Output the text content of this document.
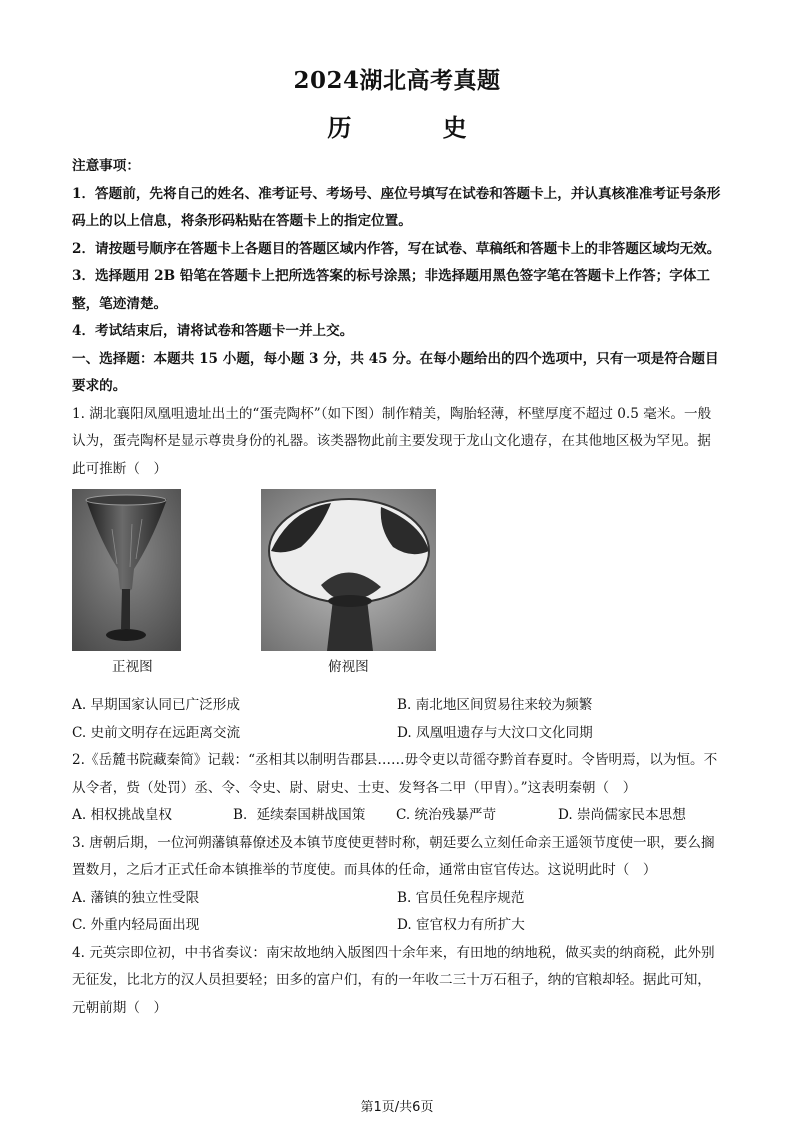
2024湖北高考真题
历　史

注意事项：

1．答题前，先将自己的姓名、准考证号、考场号、座位号填写在试卷和答题卡上，并认真核准准考证号条形码上的以上信息，将条形码粘贴在答题卡上的指定位置。

2．请按题号顺序在答题卡上各题目的答题区域内作答，写在试卷、草稿纸和答题卡上的非答题区域均无效。

3．选择题用 2B 铅笔在答题卡上把所选答案的标号涂黑；非选择题用黑色签字笔在答题卡上作答；字体工整，笔迹清楚。

4．考试结束后，请将试卷和答题卡一并上交。

一、选择题：本题共 15 小题，每小题 3 分，共 45 分。在每小题给出的四个选项中，只有一项是符合题目要求的。

1. 湖北襄阳凤凰咀遗址出土的“蛋壳陶杯”（如下图）制作精美，陶胎轻薄，杯壁厚度不超过 0.5 毫米。一般认为，蛋壳陶杯是显示尊贵身份的礼器。该类器物此前主要发现于龙山文化遗存，在其他地区极为罕见。据此可推断（　）

正视图	俯视图
A. 早期国家认同已广泛形成	B. 南北地区间贸易往来较为频繁
C. 史前文明存在远距离交流	D. 凤凰咀遗存与大汶口文化同期

2.《岳麓书院藏秦简》记载：“丞相其以制明告郡县……毋令吏以苛徭夺黔首春夏时。令皆明焉，以为恒。不从令者，赀（处罚）丞、令、令史、尉、尉史、士吏、发弩各二甲（甲胄）。”这表明秦朝（　）

A. 相权挑战皇权	B．延续秦国耕战国策	C. 统治残暴严苛	D. 崇尚儒家民本思想

3. 唐朝后期，一位河朔藩镇幕僚述及本镇节度使更替时称，朝廷要么立刻任命亲王遥领节度使一职，要么搁置数月，之后才正式任命本镇推举的节度使。而具体的任命，通常由宦官传达。这说明此时（　）

A. 藩镇的独立性受限	B. 官员任免程序规范
C. 外重内轻局面出现	D. 宦官权力有所扩大

4. 元英宗即位初，中书省奏议：南宋故地纳入版图四十余年来，有田地的纳地税，做买卖的纳商税，此外别无征发，比北方的汉人员担要轻；田多的富户们，有的一年收二三十万石租子，纳的官粮却轻。据此可知，元朝前期（　）

第1页/共6页
